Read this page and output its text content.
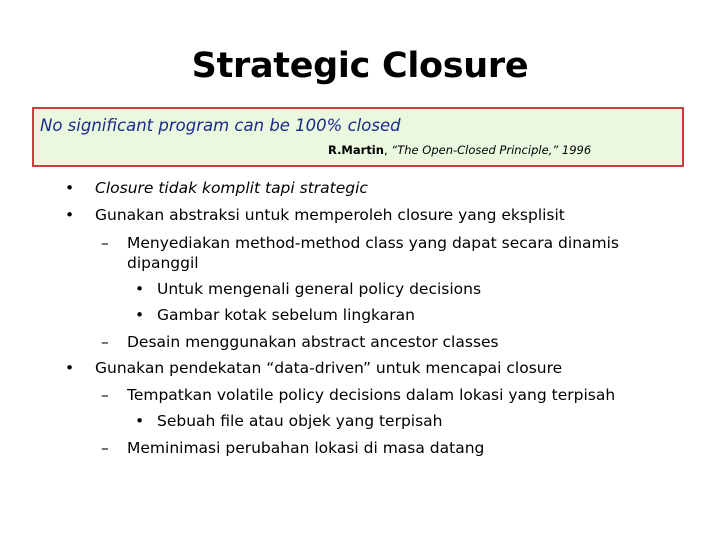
Strategic Closure
No significant program can be 100% closed
R.Martin, “The Open-Closed Principle,” 1996
• Closure tidak komplit tapi strategic
• Gunakan abstraksi untuk memperoleh closure yang eksplisit
– Menyediakan method-method class yang dapat secara dinamis
dipanggil
• Untuk mengenali general policy decisions
• Gambar kotak sebelum lingkaran
– Desain menggunakan abstract ancestor classes
• Gunakan pendekatan “data-driven” untuk mencapai closure
– Tempatkan volatile policy decisions dalam lokasi yang terpisah
• Sebuah file atau objek yang terpisah
– Meminimasi perubahan lokasi di masa datang
